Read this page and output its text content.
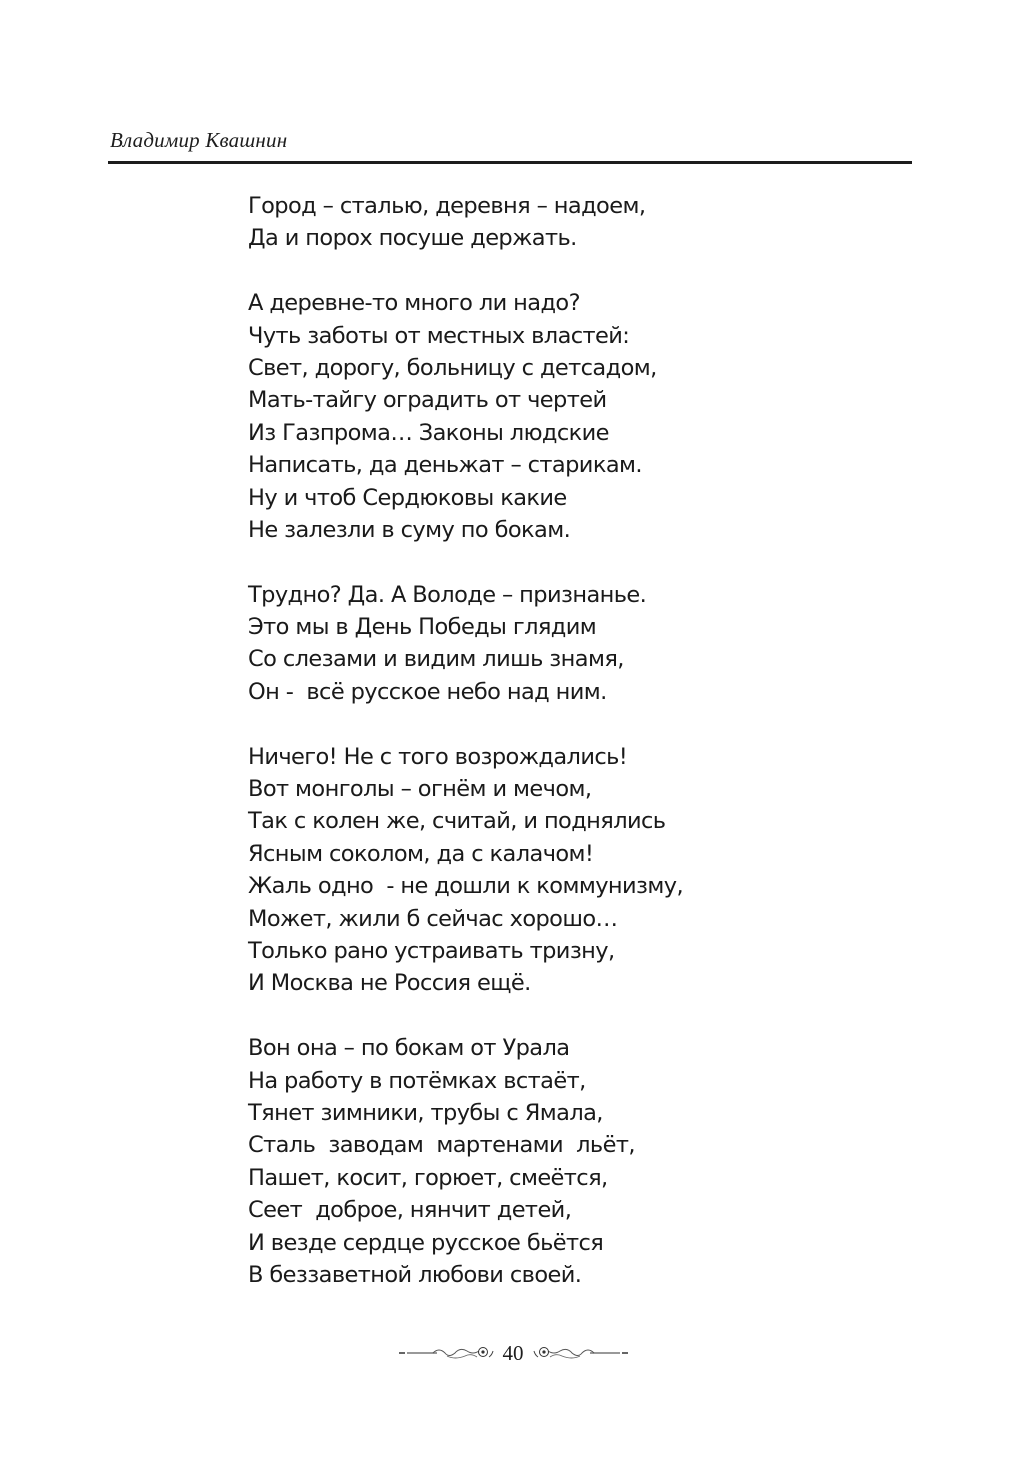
Владимир Квашнин
Город – сталью, деревня – надоем,
Да и порох посуше держать.
А деревне-то много ли надо?
Чуть заботы от местных властей:
Свет, дорогу, больницу с детсадом,
Мать-тайгу оградить от чертей
Из Газпрома… Законы людские
Написать, да деньжат – старикам.
Ну и чтоб Сердюковы какие
Не залезли в суму по бокам.
Трудно? Да. А Володе – признанье.
Это мы в День Победы глядим
Со слезами и видим лишь знамя,
Он -  всё русское небо над ним.
Ничего! Не с того возрождались!
Вот монголы – огнём и мечом,
Так с колен же, считай, и поднялись
Ясным соколом, да с калачом!
Жаль одно  - не дошли к коммунизму,
Может, жили б сейчас хорошо…
Только рано устраивать тризну,
И Москва не Россия ещё.
Вон она – по бокам от Урала
На работу в потёмках встаёт,
Тянет зимники, трубы с Ямала,
Сталь  заводам  мартенами  льёт,
Пашет, косит, горюет, смеётся,
Сеет  доброе, нянчит детей,
И везде сердце русское бьётся
В беззаветной любови своей.
40
